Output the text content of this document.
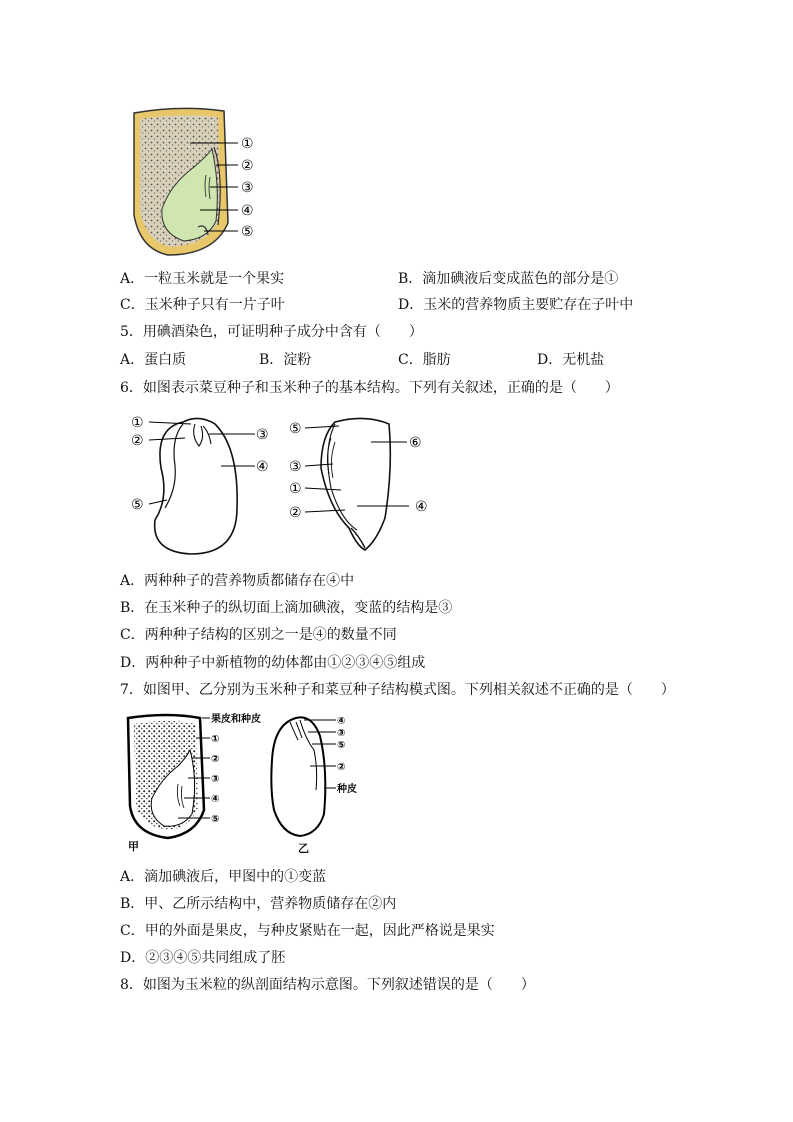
①
②
③
④
⑤
A．一粒玉米就是一个果实	B．滴加碘液后变成蓝色的部分是①
C．玉米种子只有一片子叶	D．玉米的营养物质主要贮存在子叶中
5．用碘酒染色，可证明种子成分中含有（　　）
A．蛋白质	B．淀粉	C．脂肪	D．无机盐
6．如图表示菜豆种子和玉米种子的基本结构。下列有关叙述，正确的是（　　）
①
②	③
④
⑤
⑤
⑥
③
①
②	④
A．两种种子的营养物质都储存在④中
B．在玉米种子的纵切面上滴加碘液，变蓝的结构是③
C．两种种子结构的区别之一是④的数量不同
D．两种种子中新植物的幼体都由①②③④⑤组成
7．如图甲、乙分别为玉米种子和菜豆种子结构模式图。下列相关叙述不正确的是（　　）
果皮和种皮
①
②
③
④
⑤
甲
④
③
⑤
②
种皮
乙
A．滴加碘液后，甲图中的①变蓝
B．甲、乙所示结构中，营养物质储存在②内
C．甲的外面是果皮，与种皮紧贴在一起，因此严格说是果实
D．②③④⑤共同组成了胚
8．如图为玉米粒的纵剖面结构示意图。下列叙述错误的是（　　）
